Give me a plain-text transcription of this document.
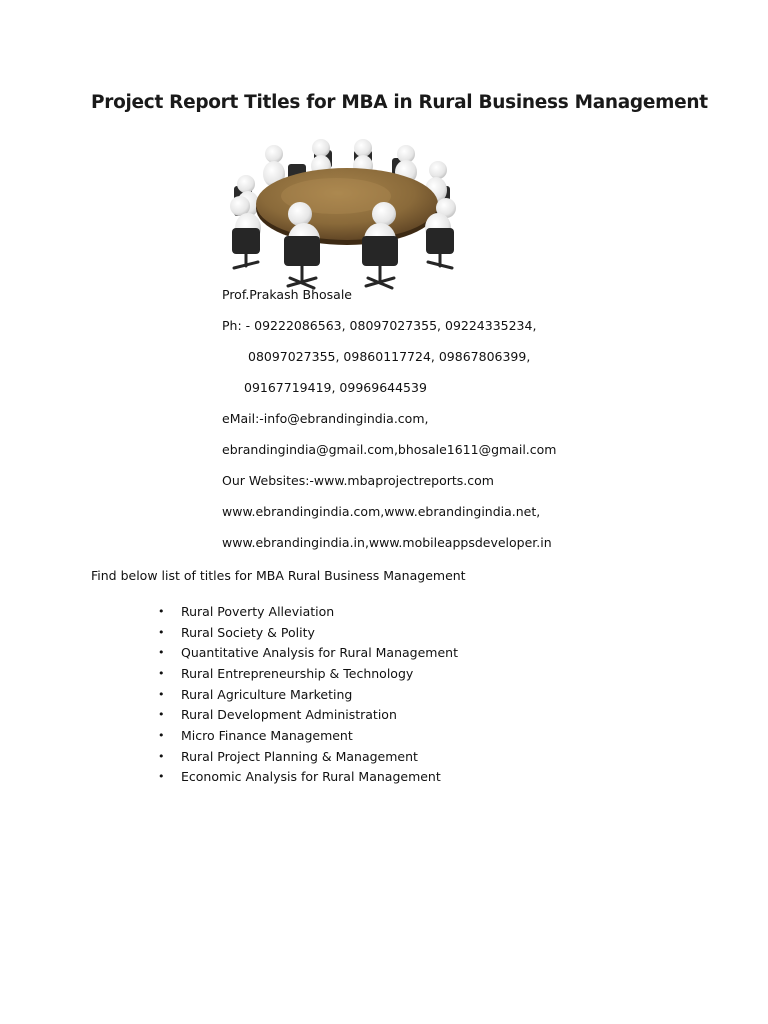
Project Report Titles for MBA in Rural Business Management
Prof.Prakash Bhosale
Ph: - 09222086563, 08097027355, 09224335234,
08097027355, 09860117724, 09867806399,
09167719419, 09969644539
eMail:-info@ebrandingindia.com,
ebrandingindia@gmail.com,bhosale1611@gmail.com
Our Websites:-www.mbaprojectreports.com
www.ebrandingindia.com,www.ebrandingindia.net,
www.ebrandingindia.in,www.mobileappsdeveloper.in
Find below list of titles for MBA Rural Business Management
•	Rural Poverty Alleviation
•	Rural Society & Polity
•	Quantitative Analysis for Rural Management
•	Rural Entrepreneurship & Technology
•	Rural Agriculture Marketing
•	Rural Development Administration
•	Micro Finance Management
•	Rural Project Planning & Management
•	Economic Analysis for Rural Management
